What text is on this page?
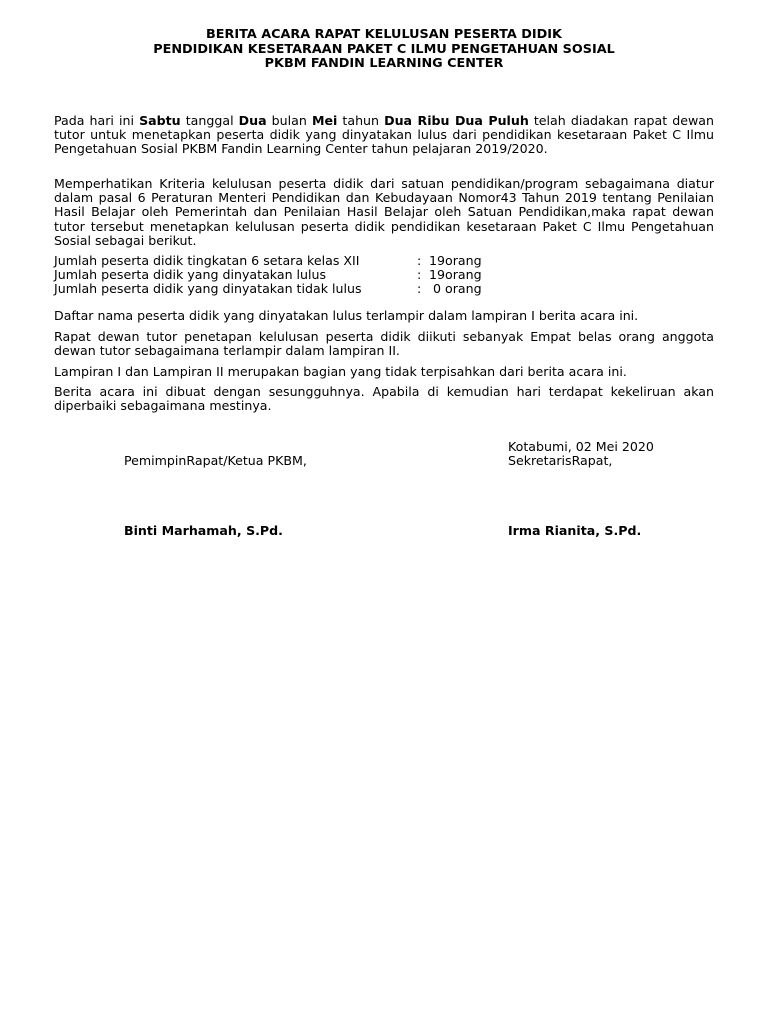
BERITA ACARA RAPAT KELULUSAN PESERTA DIDIK
PENDIDIKAN KESETARAAN PAKET C ILMU PENGETAHUAN SOSIAL
PKBM FANDIN LEARNING CENTER
Pada hari ini Sabtu tanggal Dua bulan Mei tahun Dua Ribu Dua Puluh telah diadakan rapat dewan tutor untuk menetapkan peserta didik yang dinyatakan lulus dari pendidikan kesetaraan Paket C Ilmu Pengetahuan Sosial PKBM Fandin Learning Center tahun pelajaran 2019/2020.
Memperhatikan Kriteria kelulusan peserta didik dari satuan pendidikan/program sebagaimana diatur dalam pasal 6 Peraturan Menteri Pendidikan dan Kebudayaan Nomor43 Tahun 2019 tentang Penilaian Hasil Belajar oleh Pemerintah dan Penilaian Hasil Belajar oleh Satuan Pendidikan,maka rapat dewan tutor tersebut menetapkan kelulusan peserta didik pendidikan kesetaraan Paket C Ilmu Pengetahuan Sosial sebagai berikut.
Jumlah peserta didik tingkatan 6 setara kelas XII	: 19 orang
Jumlah peserta didik yang dinyatakan lulus	: 19 orang
Jumlah peserta didik yang dinyatakan tidak lulus	: 0 orang
Daftar nama peserta didik yang dinyatakan lulus terlampir dalam lampiran I berita acara ini.
Rapat dewan tutor penetapan kelulusan peserta didik diikuti sebanyak Empat belas orang anggota dewan tutor sebagaimana terlampir dalam lampiran II.
Lampiran I dan Lampiran II merupakan bagian yang tidak terpisahkan dari berita acara ini.
Berita acara ini dibuat dengan sesungguhnya. Apabila di kemudian hari terdapat kekeliruan akan diperbaiki sebagaimana mestinya.
Kotabumi, 02 Mei 2020
PemimpinRapat/Ketua PKBM,	SekretarisRapat,
Binti Marhamah, S.Pd.	Irma Rianita, S.Pd.
